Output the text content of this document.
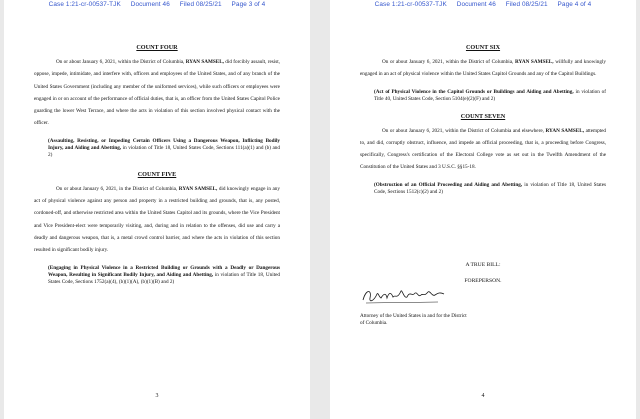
Case 1:21-cr-00537-TJK Document 46 Filed 08/25/21 Page 3 of 4
COUNT FOUR

On or about January 6, 2021, within the District of Columbia, RYAN SAMSEL, did forcibly assault, resist, oppose, impede, intimidate, and interfere with, officers and employees of the United States, and of any branch of the United States Government (including any member of the uniformed services), while such officers or employees were engaged in or on account of the performance of official duties, that is, an officer from the United States Capitol Police guarding the lower West Terrace, and where the acts in violation of this section involved physical contact with the officer.

(Assaulting, Resisting, or Impeding Certain Officers Using a Dangerous Weapon, Inflicting Bodily Injury, and Aiding and Abetting, in violation of Title 18, United States Code, Sections 111(a)(1) and (b) and 2)

COUNT FIVE

On or about January 6, 2021, in the District of Columbia, RYAN SAMSEL, did knowingly engage in any act of physical violence against any person and property in a restricted building and grounds, that is, any posted, cordoned-off, and otherwise restricted area within the United States Capitol and its grounds, where the Vice President and Vice President-elect were temporarily visiting, and, during and in relation to the offenses, did use and carry a deadly and dangerous weapon, that is, a metal crowd control barrier, and where the acts in violation of this section resulted in significant bodily injury.

(Engaging in Physical Violence in a Restricted Building or Grounds with a Deadly or Dangerous Weapon, Resulting in Significant Bodily Injury, and Aiding and Abetting, in violation of Title 18, United States Code, Sections 1752(a)(4), (b)(1)(A), (b)(1)(B) and 2)

3
Case 1:21-cr-00537-TJK Document 46 Filed 08/25/21 Page 4 of 4
COUNT SIX

On or about January 6, 2021, within the District of Columbia, RYAN SAMSEL, willfully and knowingly engaged in an act of physical violence within the United States Capitol Grounds and any of the Capitol Buildings.

(Act of Physical Violence in the Capitol Grounds or Buildings and Aiding and Abetting, in violation of Title 40, United States Code, Section 5104(e)(2)(F) and 2)

COUNT SEVEN

On or about January 6, 2021, within the District of Columbia and elsewhere, RYAN SAMSEL, attempted to, and did, corruptly obstruct, influence, and impede an official proceeding, that is, a proceeding before Congress, specifically, Congress's certification of the Electoral College vote as set out in the Twelfth Amendment of the Constitution of the United States and 3 U.S.C. §§15-18.

(Obstruction of an Official Proceeding and Aiding and Abetting, in violation of Title 18, United States Code, Sections 1512(c)(2) and 2)

A TRUE BILL:
FOREPERSON.
Attorney of the United States in and for the District of Columbia.
4
